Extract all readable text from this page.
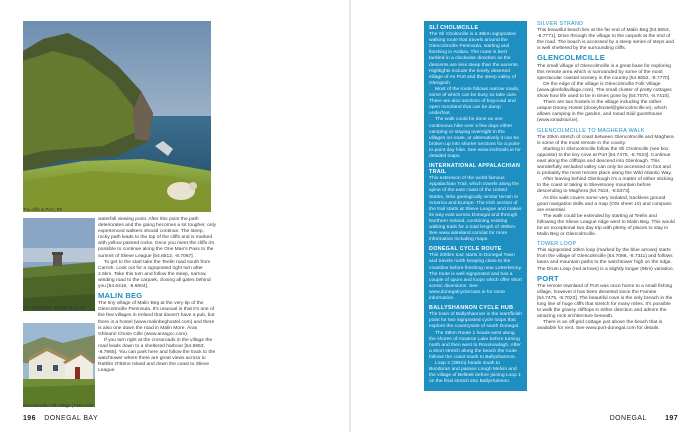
The cliffs at Port | ER
The watchtower at Malin Beg | ER
Glencolmcille Folk Village | Peter Ackl

waterfall viewing point. After this point the path deteriorates and the going becomes a lot tougher, only experienced walkers should continue. The steep, rocky path leads to the top of the cliffs and is marked with yellow painted rocks. Once you meet the cliffs it's possible to continue along the One Man's Pass to the summit of Slieve League [54.6512, -8.7067].

To get to the start take the Teelin road south from Carrick. Look out for a signposted right turn after 2.5km. Take this turn and follow the steep, narrow, winding road to the carpark, closing all gates behind you [54.6416, -8.6604].

MALIN BEG

The tiny village of Malin Beg at the very tip of the Glencolmcille Peninsula. It's unusual in that it's one of the few villages in Ireland that doesn't have a pub, but there is a hostel (www.malinbeghostel.com) and there is also one down the road in Malin More, Áras Ghleann Choim Cille (www.arasgcc.com).

If you turn right at the crossroads in the village the road leads down to a sheltered harbour [54.6653, -8.7865]. You can park here and follow the track to the watchtower where there are great views across to Rathlin O'Birne Island and down the coast to Slieve League.

196 DONEGAL BAY
SLÍ CHOLMCILLE

The Slí Cholmcille is a 35km signposted walking route that travels around the Glencolmcille Peninsula, starting and finishing in Ardara. The route is best tackled in a clockwise direction as the descents are less steep than the ascents. Highlights include the lonely deserted village of An Port and the steep valley of Glengesh.

Most of the route follows narrow roads, some of which can be busy so take care. There are also sections of bog-road and open moorland that can be damp underfoot.

The walk could be done as one continuous hike over a few days either camping or staying overnight in the villages on route, or alternatively it can be broken up into shorter sections for a point-to-point day hike. See www.irishtrails.ie for detailed maps.

INTERNATIONAL APPALACHIAN TRAIL

This extension of the world famous Appalachian Trail, which travels along the spine of the east coast of the United States, links geologically similar terrain in America and Europe. The Irish section of the trail starts at Slieve League and makes its way east across Donegal and through Northern Ireland, combining existing walking trails for a total length of 480km. See www.iatireland.com/iat for more information including maps.

DONEGAL CYCLE ROUTE

This 200km tour starts in Donegal Town and travels north keeping close to the coastline before finishing near Letterkenny. The route is well signposted and has a couple of spurs and loops which offer short scenic diversions. See www.donegalcycleroute.ie for more information.

BALLYSHANNON CYCLE HUB

The town of Ballyshannon is the start/finish point for two signposted cycle loops that explore the countryside of south Donegal.

The 39km Route 1 heads west along the shores of Assaroe Lake before turning north and then west to Rossnowlagh. After a short stretch along the beach the route follows the coast south to Ballyshannon.

Loop 2 (39km) heads south to Bundoran and passes Lough Melvin and the village of Belleek before joining Loop 1 on the final stretch into Ballyshannon.

SILVER STRAND

This beautiful beach lies at the far end of Malin Beg [54.6653, -8.7771]. Drive through the village to the carpark at the end of the road. The beach is accessed by a steep series of steps and is well sheltered by the surrounding cliffs.

GLENCOLMCILLE

The small village of Glencolmcille is a great base for exploring this remote area which is surrounded by some of the most spectacular coastal scenery in the country [54.6652, -8.7770].

On the edge of the village is Glencolmcille Folk Village (www.glenfolkvillage.com). The small cluster of pretty cottages show how life used to be in times gone by [54.7070, -8.7410].

There are two hostels in the village including the rather unique Dooey Hostel (dooeyhostel@glencolmcille.ie), which allows camping in the garden, and Ionad Siúil guesthouse (www.ionadsiuil.ie).

GLENCOLMCILLE TO MAGHERA WALK

The 20km stretch of coast between Glencolmcille and Maghera is some of the most remote in the county.

Starting in Glencolmcille follow the Slí Cholmcille (see box opposite) to the tiny cove at Port [54.7475, -8.7023]. Continue east along the clifftops and descend into Glenlough. This wonderfully secluded valley can only be accessed on foot and is probably the most remote place along the Wild Atlantic Way.

After leaving behind Glenlough it's a matter of either sticking to the coast or taking in Slievetooey mountain before descending to Maghera [54.7624, -8.5373].

As this walk covers some very isolated, trackless ground good navigation skills and a map (OSI sheet 10) and compass are essential.

The walk could be extended by starting at Teelin and following the Slieve League ridge west to Malin Beg. This would be an exceptional two day trip with plenty of places to stay in Malin Beg or Glencolmcille.

TOWER LOOP

This signposted 10km loop (marked by the blue arrows) starts from the village of Glencolmcille [54.7086, -8.7311] and follows lanes and mountain paths to the watchtower high on the ridge. The Drum Loop (red arrows) is a slightly longer (9km) variation.

PORT

The remote townland of Port was once home to a small fishing village, however it has been deserted since the Famine [54.7475, -8.7023]. The beautiful cove is the only breach in the long line of huge cliffs that stretch for many miles. It's possible to walk the grassy clifftops in either direction and admire the amazing rock architecture beneath.

There is an off-grid cottage just above the beach that is available for rent. See www.port-donegal.com for details.

DONEGAL	197
